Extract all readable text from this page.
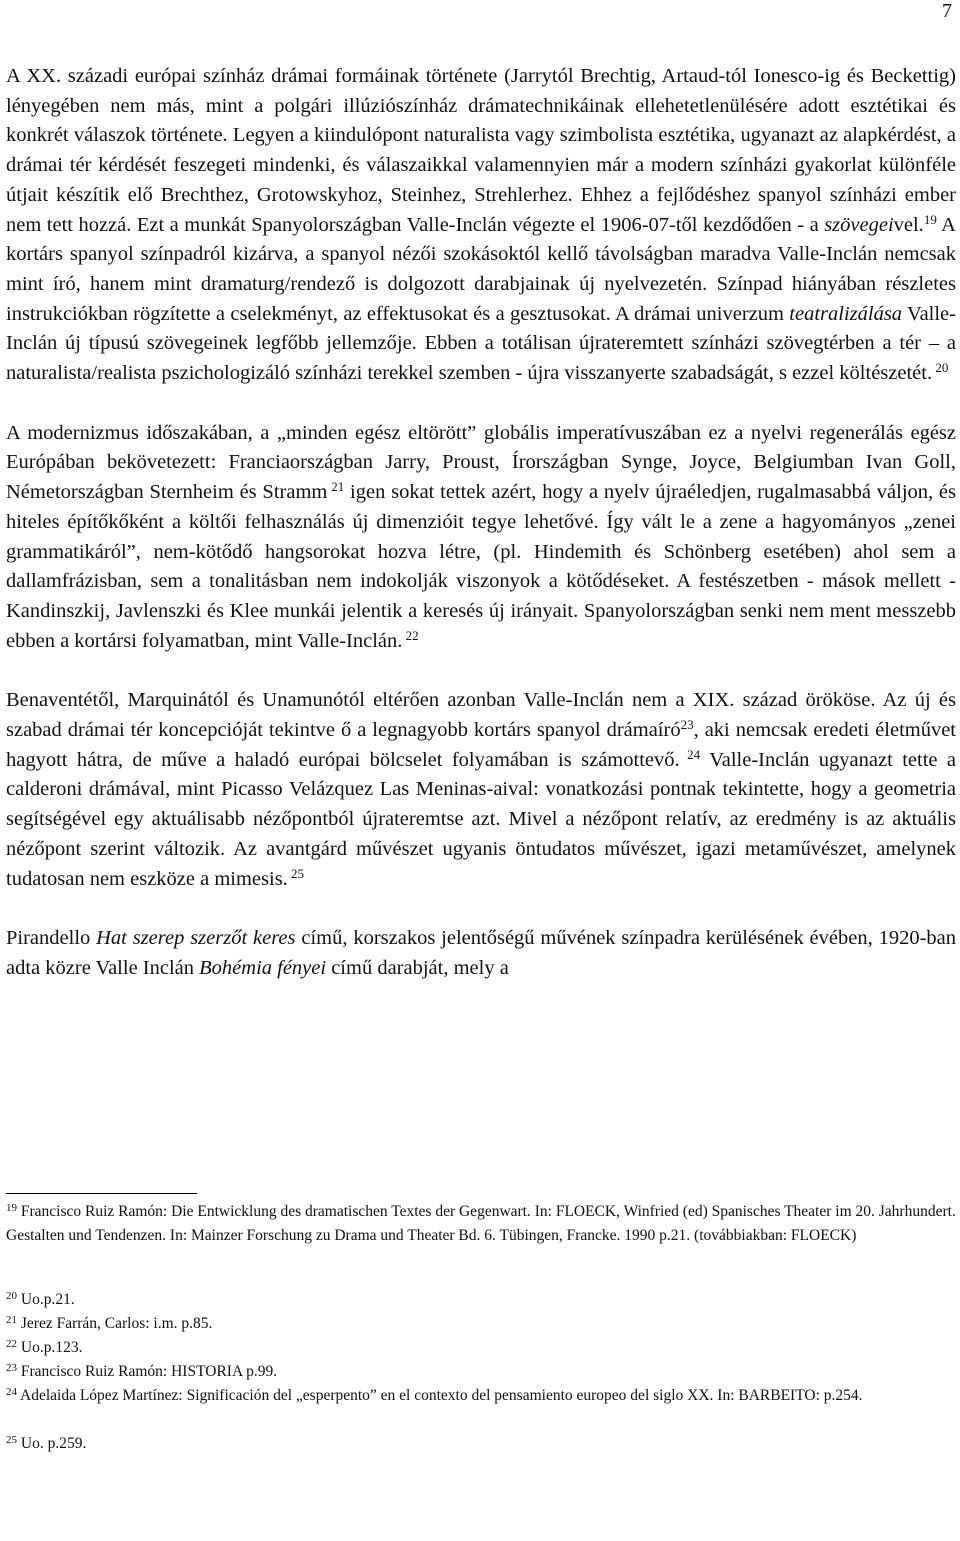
7

A XX. századi európai színház drámai formáinak története (Jarrytól Brechtig, Artaud-tól Ionesco-ig és Beckettig) lényegében nem más, mint a polgári illúziószínház drámatechnikáinak ellehetetlenülésére adott esztétikai és konkrét válaszok története. Legyen a kiindulópont naturalista vagy szimbolista esztétika, ugyanazt az alapkérdést, a drámai tér kérdését feszegeti mindenki, és válaszaikkal valamennyien már a modern színházi gyakorlat különféle útjait készítik elő Brechthez, Grotowskyhoz, Steinhez, Strehlerhez. Ehhez a fejlődéshez spanyol színházi ember nem tett hozzá. Ezt a munkát Spanyolországban Valle-Inclán végezte el 1906-07-től kezdődően - a szövegeivel.$^{19}$ A kortárs spanyol színpadról kizárva, a spanyol nézői szokásoktól kellő távolságban maradva Valle-Inclán nemcsak mint író, hanem mint dramaturg/rendező is dolgozott darabjainak új nyelvezetén. Színpad hiányában részletes instrukciókban rögzítette a cselekményt, az effektusokat és a gesztusokat. A drámai univerzum teatralizálása Valle-Inclán új típusú szövegeinek legfőbb jellemzője. Ebben a totálisan újrateremtett színházi szövegtérben a tér – a naturalista/realista pszichologizáló színházi terekkel szemben - újra visszanyerte szabadságát, s ezzel költészetét. $^{20}$

A modernizmus időszakában, a „minden egész eltörött” globális imperatívuszában ez a nyelvi regenerálás egész Európában bekövetezett: Franciaországban Jarry, Proust, Írországban Synge, Joyce, Belgiumban Ivan Goll, Németországban Sternheim és Stramm $^{21}$ igen sokat tettek azért, hogy a nyelv újraéledjen, rugalmasabbá váljon, és hiteles építőkőként a költői felhasználás új dimenzióit tegye lehetővé. Így vált le a zene a hagyományos „zenei grammatikáról”, nem-kötődő hangsorokat hozva létre, (pl. Hindemith és Schönberg esetében) ahol sem a dallamfrázisban, sem a tonalitásban nem indokolják viszonyok a kötődéseket. A festészetben - mások mellett - Kandinszkij, Javlenszki és Klee munkái jelentik a keresés új irányait. Spanyolországban senki nem ment messzebb ebben a kortársi folyamatban, mint Valle-Inclán. $^{22}$

Benaventétől, Marquinától és Unamunótól eltérően azonban Valle-Inclán nem a XIX. század örököse. Az új és szabad drámai tér koncepcióját tekintve ő a legnagyobb kortárs spanyol drámaíró$^{23}$, aki nemcsak eredeti életművet hagyott hátra, de műve a haladó európai bölcselet folyamában is számottevő. $^{24}$ Valle-Inclán ugyanazt tette a calderoni drámával, mint Picasso Velázquez Las Meninas-aival: vonatkozási pontnak tekintette, hogy a geometria segítségével egy aktuálisabb nézőpontból újrateremtse azt. Mivel a nézőpont relatív, az eredmény is az aktuális nézőpont szerint változik. Az avantgárd művészet ugyanis öntudatos művészet, igazi metaművészet, amelynek tudatosan nem eszköze a mimesis. $^{25}$

Pirandello Hat szerep szerzőt keres című, korszakos jelentőségű művének színpadra kerülésének évében, 1920-ban adta közre Valle Inclán Bohémia fényei című darabját, mely a

$^{19}$ Francisco Ruiz Ramón: Die Entwicklung des dramatischen Textes der Gegenwart. In: FLOECK, Winfried (ed) Spanisches Theater im 20. Jahrhundert. Gestalten und Tendenzen. In: Mainzer Forschung zu Drama und Theater Bd. 6. Tübingen, Francke. 1990 p.21. (továbbiakban: FLOECK)

$^{20}$ Uo.p.21.

$^{21}$ Jerez Farrán, Carlos: i.m. p.85.

$^{22}$ Uo.p.123.

$^{23}$ Francisco Ruiz Ramón: HISTORIA p.99.

$^{24}$ Adelaida López Martínez: Significación del „esperpento” en el contexto del pensamiento europeo del siglo XX. In: BARBEITO: p.254.

$^{25}$ Uo. p.259.
